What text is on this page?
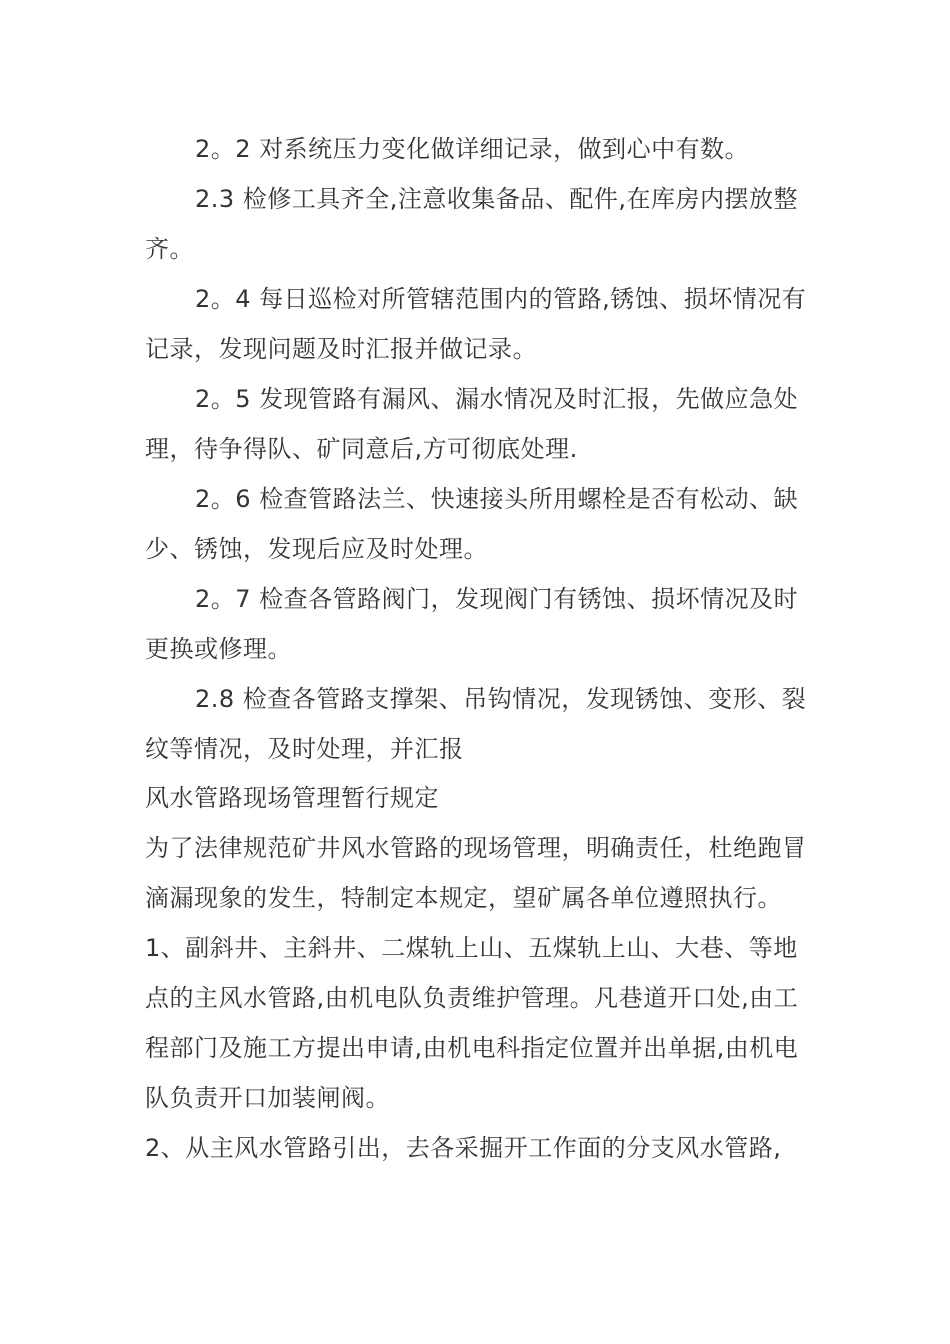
2。2 对系统压力变化做详细记录，做到心中有数。

2.3 检修工具齐全,注意收集备品、配件,在库房内摆放整齐。

2。4 每日巡检对所管辖范围内的管路,锈蚀、损坏情况有记录，发现问题及时汇报并做记录。

2。5 发现管路有漏风、漏水情况及时汇报，先做应急处理，待争得队、矿同意后,方可彻底处理.

2。6 检查管路法兰、快速接头所用螺栓是否有松动、缺少、锈蚀，发现后应及时处理。

2。7 检查各管路阀门，发现阀门有锈蚀、损坏情况及时更换或修理。

2.8 检查各管路支撑架、吊钩情况，发现锈蚀、变形、裂纹等情况，及时处理，并汇报

风水管路现场管理暂行规定

为了法律规范矿井风水管路的现场管理，明确责任，杜绝跑冒滴漏现象的发生，特制定本规定，望矿属各单位遵照执行。

1、副斜井、主斜井、二煤轨上山、五煤轨上山、大巷、等地点的主风水管路,由机电队负责维护管理。凡巷道开口处,由工程部门及施工方提出申请,由机电科指定位置并出单据,由机电队负责开口加装闸阀。

2、从主风水管路引出，去各采掘开工作面的分支风水管路,
